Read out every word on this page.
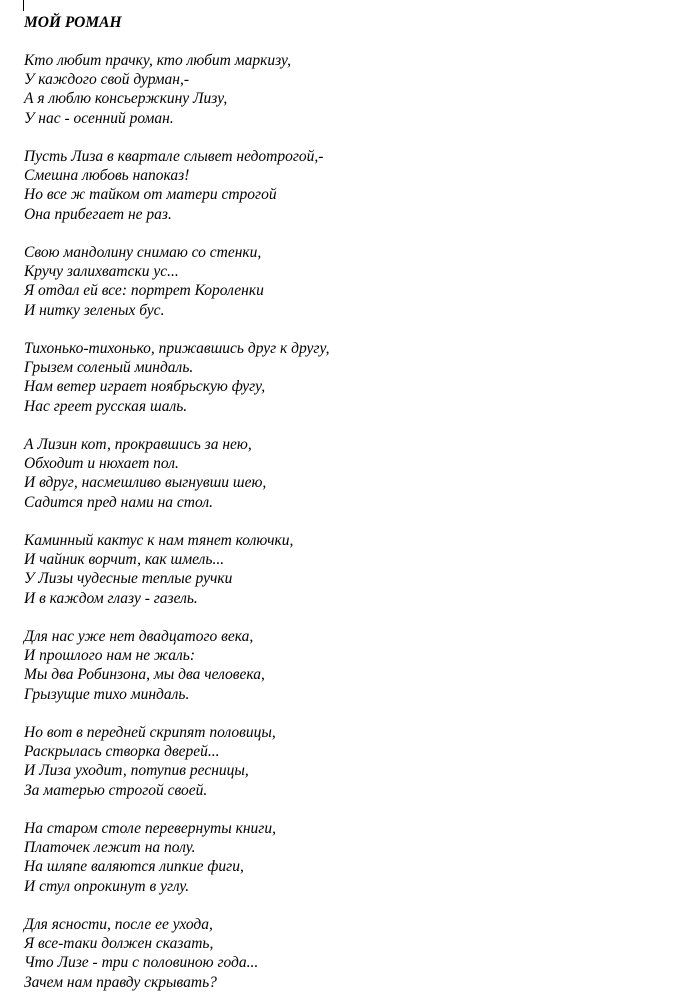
МОЙ РОМАН
Кто любит прачку, кто любит маркизу,
У каждого свой дурман,-
А я люблю консьержкину Лизу,
У нас - осенний роман.
Пусть Лиза в квартале слывет недотрогой,-
Смешна любовь напоказ!
Но все ж тайком от матери строгой
Она прибегает не раз.
Свою мандолину снимаю со стенки,
Кручу залихватски ус...
Я отдал ей все: портрет Короленки
И нитку зеленых бус.
Тихонько-тихонько, прижавшись друг к другу,
Грызем соленый миндаль.
Нам ветер играет ноябрьскую фугу,
Нас греет русская шаль.
А Лизин кот, прокравшись за нею,
Обходит и нюхает пол.
И вдруг, насмешливо выгнувши шею,
Садится пред нами на стол.
Каминный кактус к нам тянет колючки,
И чайник ворчит, как шмель...
У Лизы чудесные теплые ручки
И в каждом глазу - газель.
Для нас уже нет двадцатого века,
И прошлого нам не жаль:
Мы два Робинзона, мы два человека,
Грызущие тихо миндаль.
Но вот в передней скрипят половицы,
Раскрылась створка дверей...
И Лиза уходит, потупив ресницы,
За матерью строгой своей.
На старом столе перевернуты книги,
Платочек лежит на полу.
На шляпе валяются липкие фиги,
И стул опрокинут в углу.
Для ясности, после ее ухода,
Я все-таки должен сказать,
Что Лизе - три с половиною года...
Зачем нам правду скрывать?
